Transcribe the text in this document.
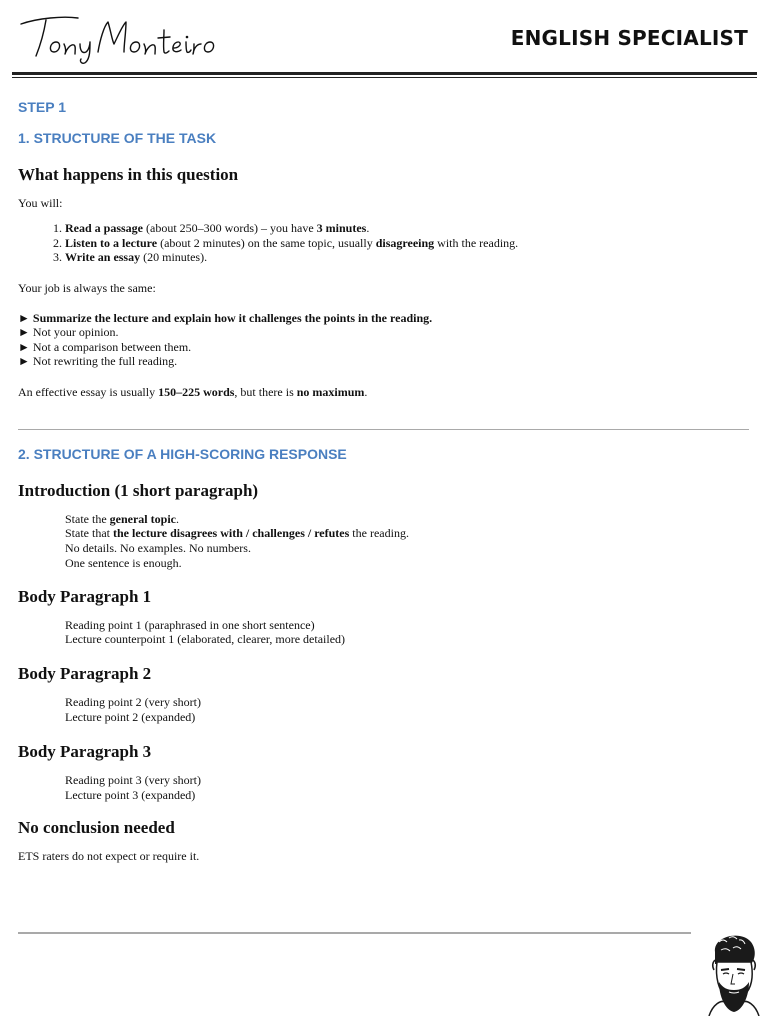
ENGLISH SPECIALIST
STEP 1
1. STRUCTURE OF THE TASK
What happens in this question

You will:

1. Read a passage (about 250–300 words) – you have 3 minutes.
2. Listen to a lecture (about 2 minutes) on the same topic, usually disagreeing with the reading.
3. Write an essay (20 minutes).

Your job is always the same:

► Summarize the lecture and explain how it challenges the points in the reading.
► Not your opinion.
► Not a comparison between them.
► Not rewriting the full reading.

An effective essay is usually 150–225 words, but there is no maximum.

2. STRUCTURE OF A HIGH-SCORING RESPONSE
Introduction (1 short paragraph)
State the general topic.
State that the lecture disagrees with / challenges / refutes the reading.
No details. No examples. No numbers.
One sentence is enough.
Body Paragraph 1
Reading point 1 (paraphrased in one short sentence)
Lecture counterpoint 1 (elaborated, clearer, more detailed)
Body Paragraph 2
Reading point 2 (very short)
Lecture point 2 (expanded)
Body Paragraph 3
Reading point 3 (very short)
Lecture point 3 (expanded)
No conclusion needed

ETS raters do not expect or require it.
